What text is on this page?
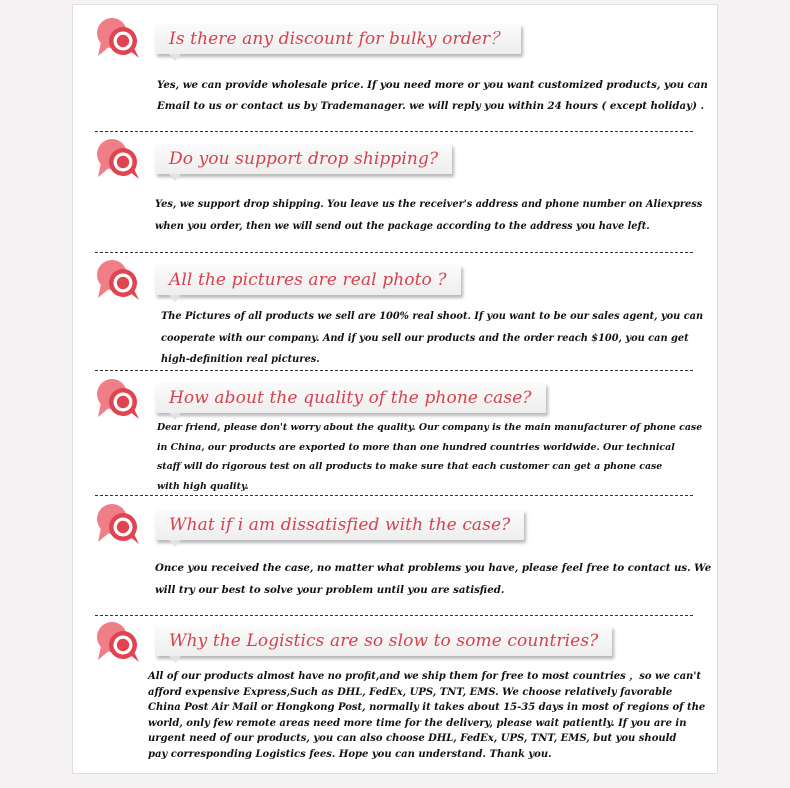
Is there any discount for bulky order？
Yes, we can provide wholesale price. If you need more or you want customized products, you can
Email to us or contact us by Trademanager. we will reply you within 24 hours ( except holiday) .
Do you support drop shipping?
Yes, we support drop shipping. You leave us the receiver's address and phone number on Aliexpress
when you order, then we will send out the package according to the address you have left.
All the pictures are real photo ?
The Pictures of all products we sell are 100% real shoot. If you want to be our sales agent, you can
cooperate with our company. And if you sell our products and the order reach $100, you can get
high-definition real pictures.
How about the quality of the phone case?
Dear friend, please don't worry about the quality. Our company is the main manufacturer of phone case
in China, our products are exported to more than one hundred countries worldwide. Our technical
staff will do rigorous test on all products to make sure that each customer can get a phone case
with high quality.
What if i am dissatisfied with the case?
Once you received the case, no matter what problems you have, please feel free to contact us. We
will try our best to solve your problem until you are satisfied.
Why the Logistics are so slow to some countries?
All of our products almost have no profit,and we ship them for free to most countries ，so we can't
afford expensive Express,Such as DHL, FedEx, UPS, TNT, EMS. We choose relatively favorable
China Post Air Mail or Hongkong Post, normally it takes about 15-35 days in most of regions of the
world, only few remote areas need more time for the delivery, please wait patiently. If you are in
urgent need of our products, you can also choose DHL, FedEx, UPS, TNT, EMS, but you should
pay corresponding Logistics fees. Hope you can understand. Thank you.
